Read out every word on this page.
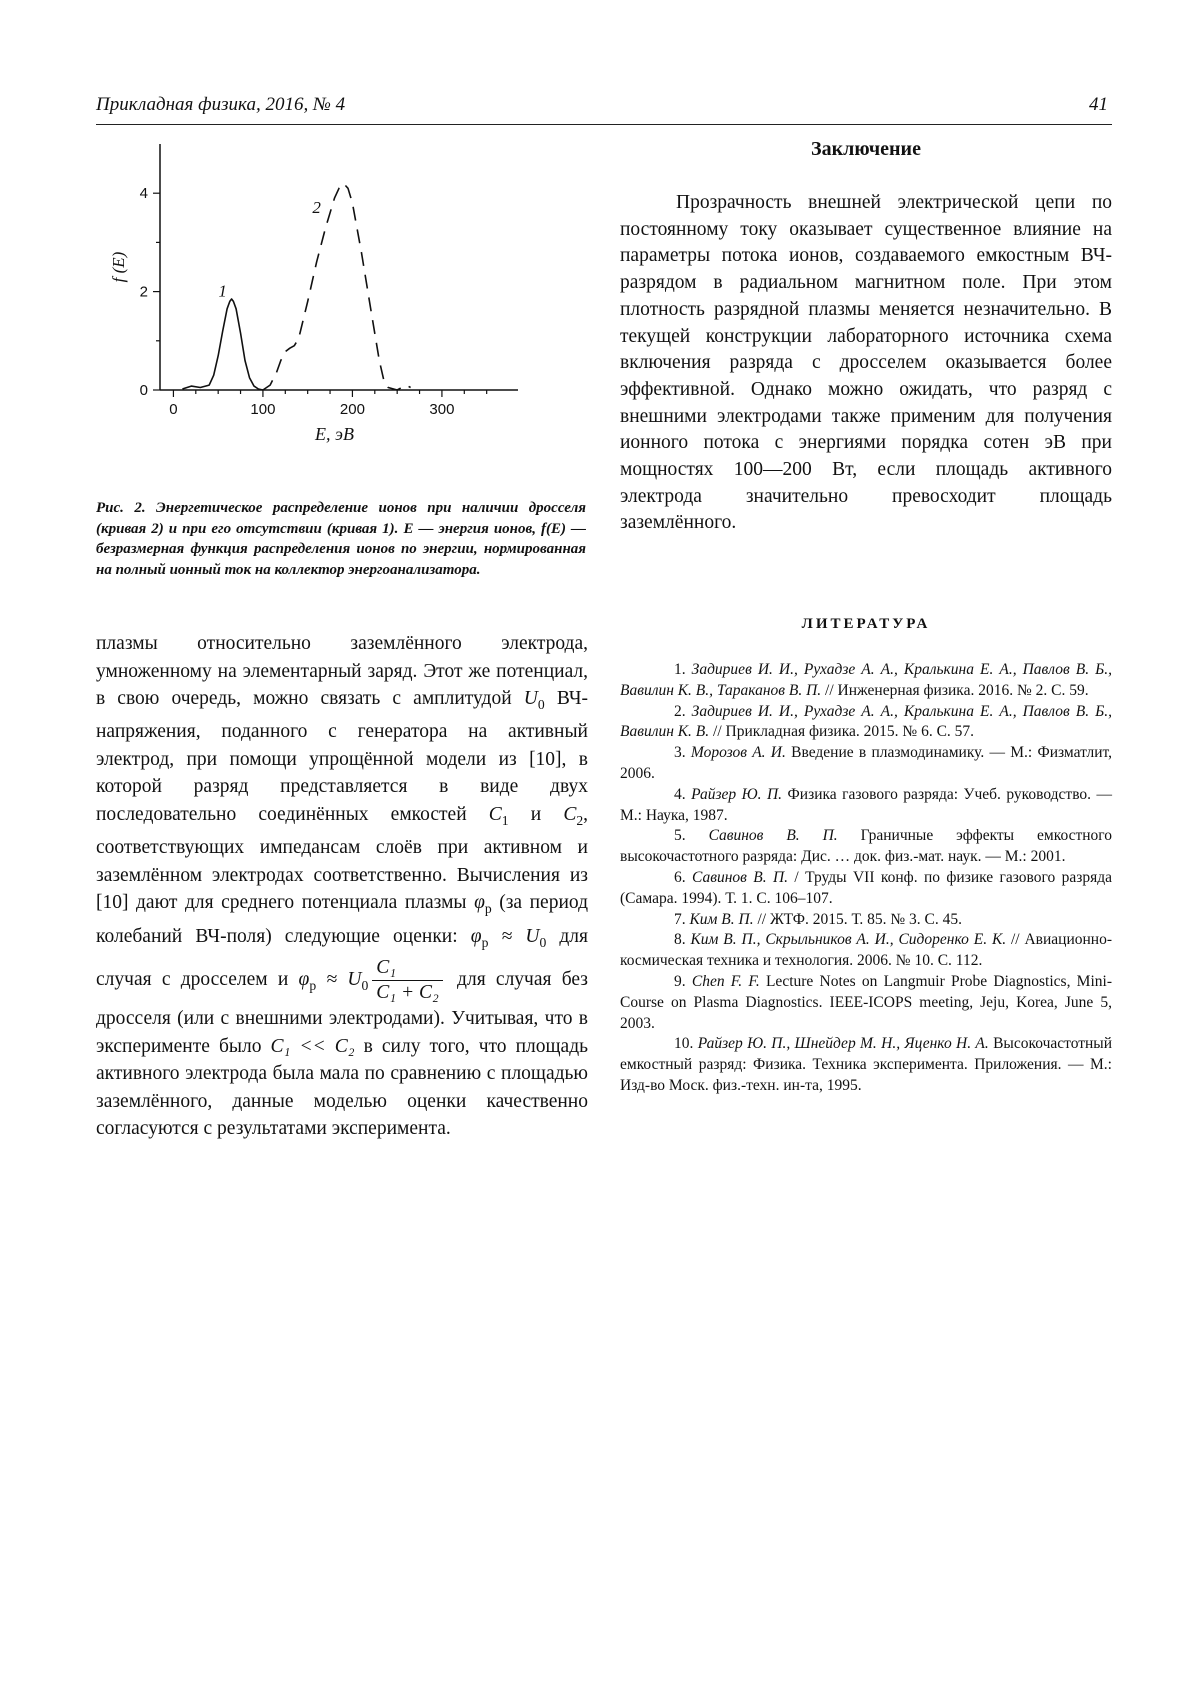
Прикладная физика, 2016, № 4	41
0	100	200	300
0
2
4
E, эВ
f (E)
1
2
Рис. 2. Энергетическое распределение ионов при наличии дросселя (кривая 2) и при его отсутствии (кривая 1). E — энергия ионов, f(E) — безразмерная функция распределения ионов по энергии, нормированная на полный ионный ток на коллектор энергоанализатора.

плазмы относительно заземлённого электрода, умноженному на элементарный заряд. Этот же потенциал, в свою очередь, можно связать с амплитудой $U_0$ ВЧ-напряжения, поданного с генератора на активный электрод, при помощи упрощённой модели из [10], в которой разряд представляется в виде двух последовательно соединённых емкостей $C_1$ и $C_2$, соответствующих импедансам слоёв при активном и заземлённом электродах соответственно. Вычисления из [10] дают для среднего потенциала плазмы $\varphi_p$ (за период колебаний ВЧ-поля) следующие оценки: $\varphi_p \approx U_0$ для случая с дросселем и $\varphi_p \approx U_0 \frac{\text{C₁}}{\text{C₁ + C₂}}$ для случая без дросселя (или с внешними электродами). Учитывая, что в эксперименте было C₁ << C₂ в силу того, что площадь активного электрода была мала по сравнению с площадью заземлённого, данные моделью оценки качественно согласуются с результатами эксперимента.

Заключение

Прозрачность внешней электрической цепи по постоянному току оказывает существенное влияние на параметры потока ионов, создаваемого емкостным ВЧ-разрядом в радиальном магнитном поле. При этом плотность разрядной плазмы меняется незначительно. В текущей конструкции лабораторного источника схема включения разряда с дросселем оказывается более эффективной. Однако можно ожидать, что разряд с внешними электродами также применим для получения ионного потока с энергиями порядка сотен эВ при мощностях 100—200 Вт, если площадь активного электрода значительно превосходит площадь заземлённого.

ЛИТЕРАТУРА

1. Задириев И. И., Рухадзе А. А., Кралькина Е. А., Павлов В. Б., Вавилин К. В., Тараканов В. П. // Инженерная физика. 2016. № 2. С. 59.

2. Задириев И. И., Рухадзе А. А., Кралькина Е. А., Павлов В. Б., Вавилин К. В. // Прикладная физика. 2015. № 6. С. 57.

3. Морозов А. И. Введение в плазмодинамику. — М.: Физматлит, 2006.

4. Райзер Ю. П. Физика газового разряда: Учеб. руководство. — М.: Наука, 1987.

5. Савинов В. П. Граничные эффекты емкостного высокочастотного разряда: Дис. … док. физ.-мат. наук. — М.: 2001.

6. Савинов В. П. / Труды VII конф. по физике газового разряда (Самара. 1994). Т. 1. С. 106–107.

7. Ким В. П. // ЖТФ. 2015. Т. 85. № 3. С. 45.

8. Ким В. П., Скрыльников А. И., Сидоренко Е. К. // Авиационно-космическая техника и технология. 2006. № 10. С. 112.

9. Chen F. F. Lecture Notes on Langmuir Probe Diagnostics, Mini-Course on Plasma Diagnostics. IEEE-ICOPS meeting, Jeju, Korea, June 5, 2003.

10. Райзер Ю. П., Шнейдер М. Н., Яценко Н. А. Высокочастотный емкостный разряд: Физика. Техника эксперимента. Приложения. — М.: Изд-во Моск. физ.-техн. ин-та, 1995.
